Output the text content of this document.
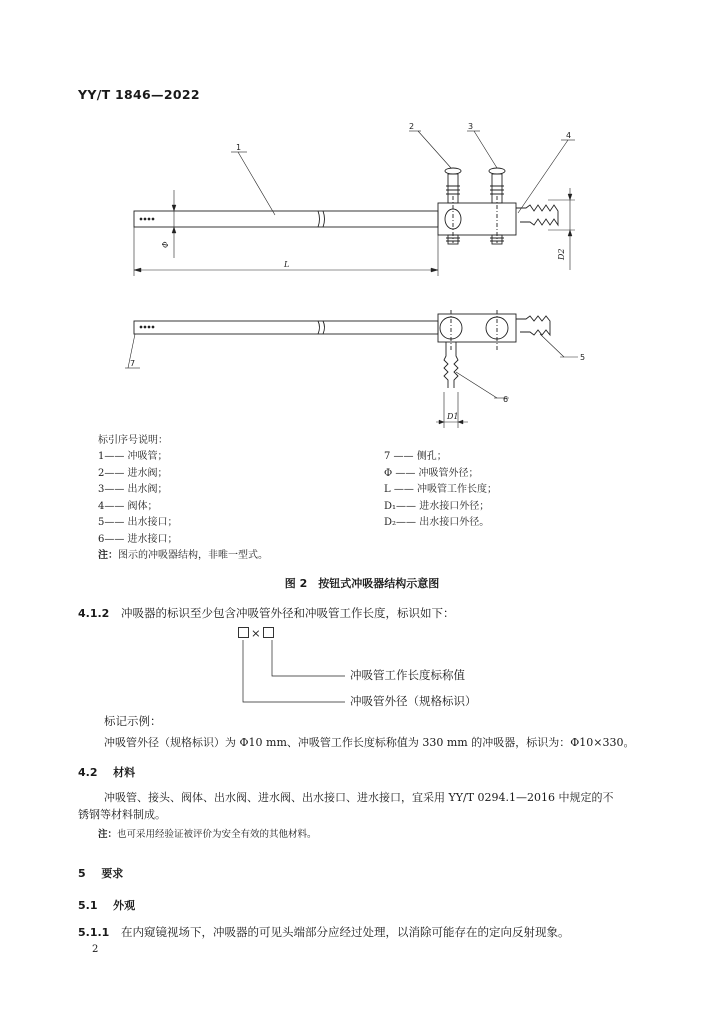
YY/T 1846—2022
1
2	3
4
5
6
7
Φ
L
D2
D1
标引序号说明：
1—— 冲吸管；
2—— 进水阀；
3—— 出水阀；
4—— 阀体；
5—— 出水接口；
6—— 进水接口；
7 —— 侧孔；
Φ —— 冲吸管外径；
L —— 冲吸管工作长度；
D₁—— 进水接口外径；
D₂—— 出水接口外径。
注：图示的冲吸器结构，非唯一型式。
图 2　按钮式冲吸器结构示意图
4.1.2 冲吸器的标识至少包含冲吸管外径和冲吸管工作长度，标识如下：
×
冲吸管工作长度标称值
冲吸管外径（规格标识）
标记示例：
冲吸管外径（规格标识）为 Φ10 mm、冲吸管工作长度标称值为 330 mm 的冲吸器，标识为：Φ10×330。
4.2 材料
冲吸管、接头、阀体、出水阀、进水阀、出水接口、进水接口，宜采用 YY/T 0294.1—2016 中规定的不
锈钢等材料制成。
注：也可采用经验证被评价为安全有效的其他材料。
5 要求
5.1 外观
5.1.1 在内窥镜视场下，冲吸器的可见头端部分应经过处理，以消除可能存在的定向反射现象。
2
